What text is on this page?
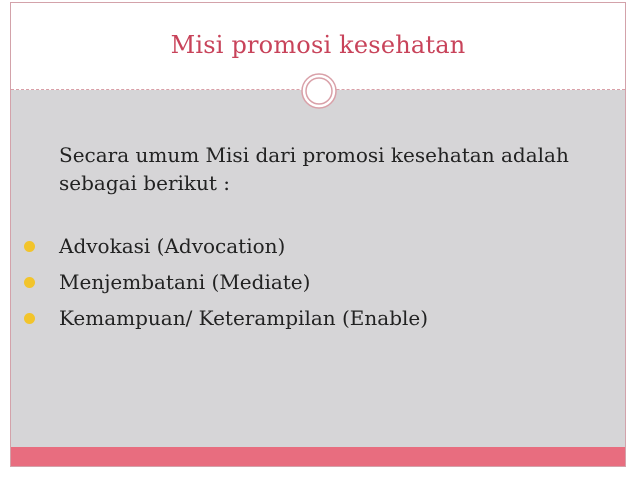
Misi promosi kesehatan

Secara umum Misi dari promosi kesehatan adalah
sebagai berikut :

Advokasi (Advocation)
Menjembatani (Mediate)
Kemampuan/ Keterampilan (Enable)
